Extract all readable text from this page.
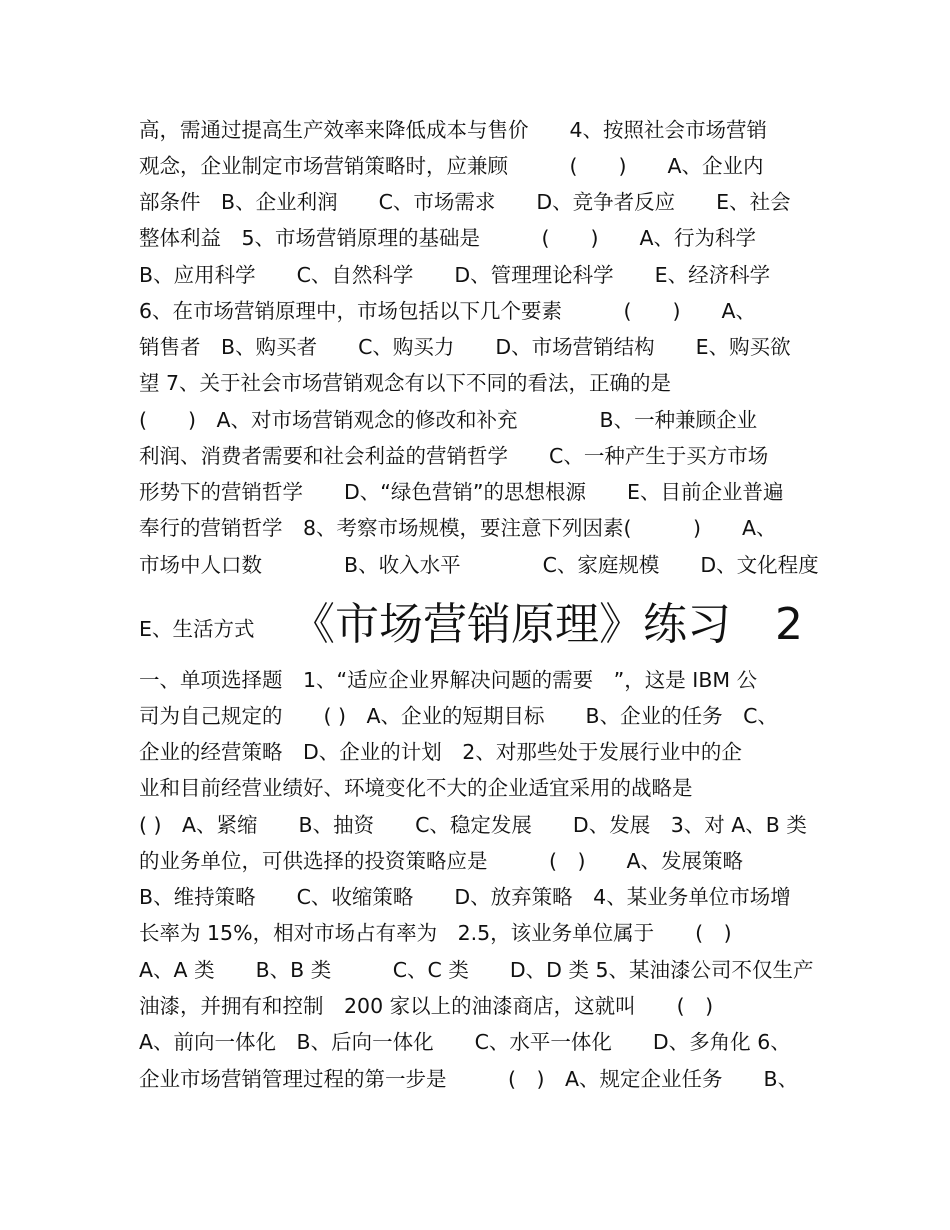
高，需通过提高生产效率来降低成本与售价　　4、按照社会市场营销
观念，企业制定市场营销策略时，应兼顾　　　(　　)　　A、企业内
部条件　B、企业利润　　C、市场需求　　D、竞争者反应　　E、社会
整体利益　5、市场营销原理的基础是　　　(　　)　　A、行为科学
B、应用科学　　C、自然科学　　D、管理理论科学　　E、经济科学
6、在市场营销原理中，市场包括以下几个要素　　　(　　)　　A、
销售者　B、购买者　　C、购买力　　D、市场营销结构　　E、购买欲
望 7、关于社会市场营销观念有以下不同的看法，正确的是
(　　)　A、对市场营销观念的修改和补充　　　　B、一种兼顾企业
利润、消费者需要和社会利益的营销哲学　　C、一种产生于买方市场
形势下的营销哲学　　D、“绿色营销”的思想根源　　E、目前企业普遍
奉行的营销哲学　8、考察市场规模，要注意下列因素(　　　)　　A、
市场中人口数　　　　B、收入水平　　　　C、家庭规模　　D、文化程度

E、生活方式

《市场营销原理》练习　2

一、单项选择题　1、“适应企业界解决问题的需要　”，这是 IBM 公
司为自己规定的　　( )　A、企业的短期目标　　B、企业的任务　C、
企业的经营策略　D、企业的计划　2、对那些处于发展行业中的企
业和目前经营业绩好、环境变化不大的企业适宜采用的战略是
( )　A、紧缩　　B、抽资　　C、稳定发展　　D、发展　3、对 A、B 类
的业务单位，可供选择的投资策略应是　　　(　)　　A、发展策略
B、维持策略　　C、收缩策略　　D、放弃策略　4、某业务单位市场增
长率为 15%，相对市场占有率为　2.5，该业务单位属于　　(　)
A、A 类　　B、B 类　　　C、C 类　　D、D 类 5、某油漆公司不仅生产
油漆，并拥有和控制　200 家以上的油漆商店，这就叫　　(　)
A、前向一体化　B、后向一体化　　C、水平一体化　　D、多角化 6、
企业市场营销管理过程的第一步是　　　(　)　A、规定企业任务　　B、
